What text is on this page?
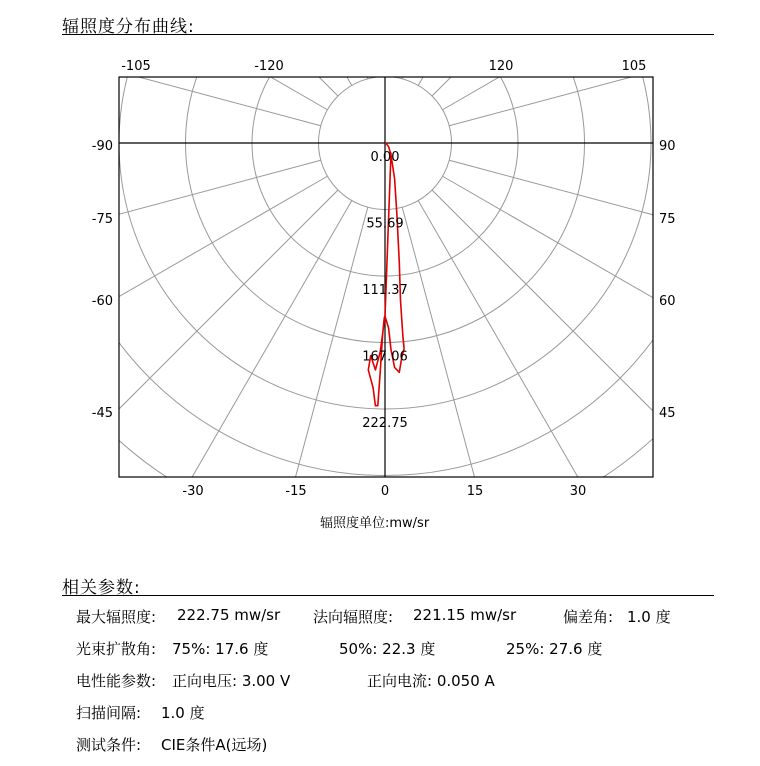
辐照度分布曲线:
0.00
55.69
111.37
167.06
222.75
-105	-120	120	105
-90
-75
-60
-45
90
75
60
45
-30	-15	0	15	30
辐照度单位:mw/sr
相关参数:
最大辐照度: 222.75 mw/sr 法向辐照度: 221.15 mw/sr	偏差角: 1.0 度
光束扩散角: 75%: 17.6 度	50%: 22.3 度	25%: 27.6 度
电性能参数: 正向电压: 3.00 V	正向电流: 0.050 A
扫描间隔: 1.0 度
测试条件: CIE条件A(远场)
